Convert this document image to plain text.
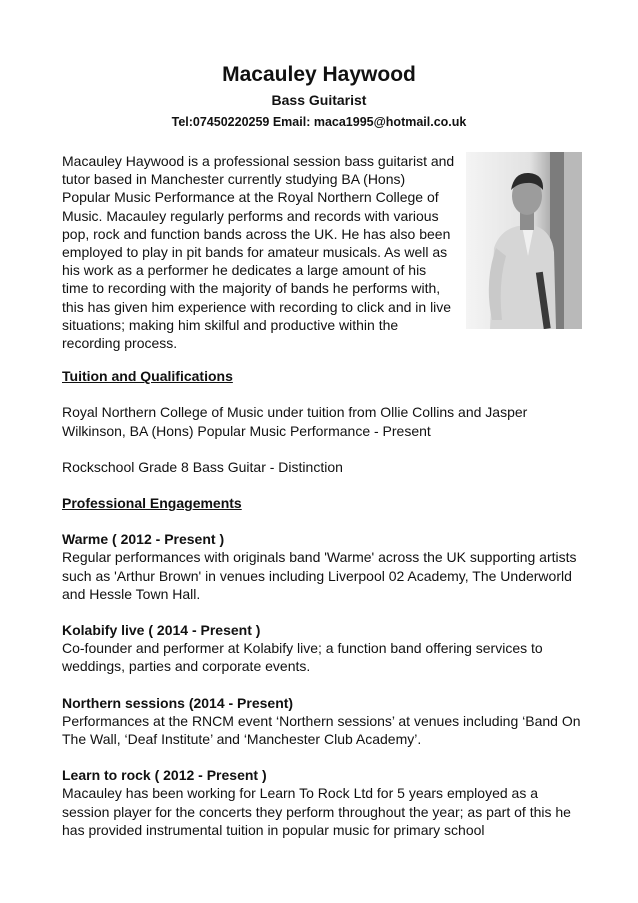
Macauley Haywood
Bass Guitarist
Tel:07450220259 Email: maca1995@hotmail.co.uk

Macauley Haywood is a professional session bass guitarist and tutor based in Manchester currently studying BA (Hons) Popular Music Performance at the Royal Northern College of Music. Macauley regularly performs and records with various pop, rock and function bands across the UK. He has also been employed to play in pit bands for amateur musicals. As well as his work as a performer he dedicates a large amount of his time to recording with the majority of bands he performs with, this has given him experience with recording to click and in live situations; making him skilful and productive within the recording process.

Tuition and Qualifications

Royal Northern College of Music under tuition from Ollie Collins and Jasper Wilkinson, BA (Hons) Popular Music Performance - Present

Rockschool Grade 8 Bass Guitar - Distinction

Professional Engagements

Warme ( 2012 - Present )

Regular performances with originals band 'Warme' across the UK supporting artists such as 'Arthur Brown' in venues including Liverpool 02 Academy, The Underworld and Hessle Town Hall.

Kolabify live ( 2014 - Present )

Co-founder and performer at Kolabify live; a function band offering services to weddings, parties and corporate events.

Northern sessions (2014 - Present)

Performances at the RNCM event ‘Northern sessions’ at venues including ‘Band On The Wall, ‘Deaf Institute’ and ‘Manchester Club Academy’.

Learn to rock ( 2012 - Present )

Macauley has been working for Learn To Rock Ltd for 5 years employed as a session player for the concerts they perform throughout the year; as part of this he has provided instrumental tuition in popular music for primary school
